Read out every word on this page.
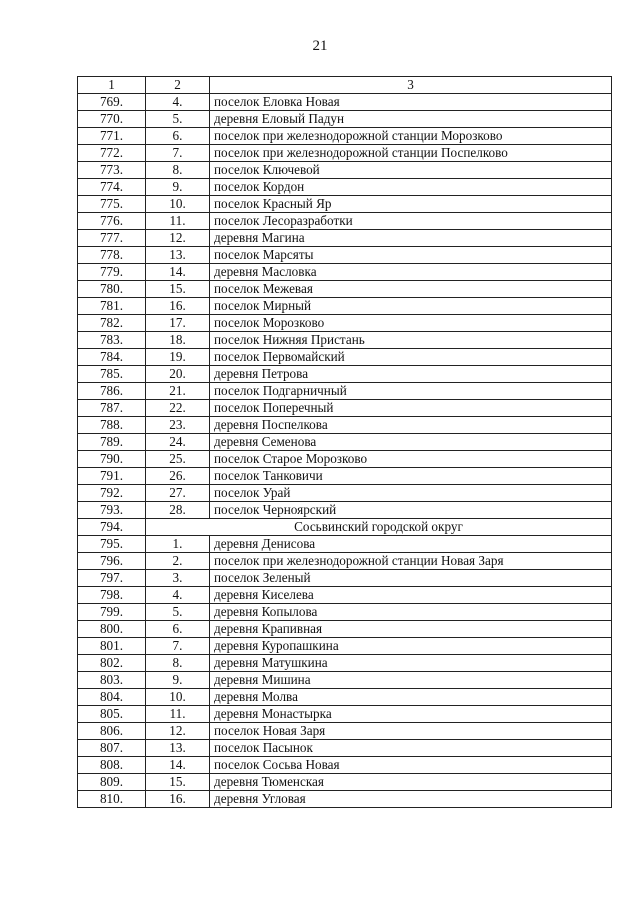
21
1	2	3
769.	4.	поселок Еловка Новая
770.	5.	деревня Еловый Падун
771.	6.	поселок при железнодорожной станции Морозково
772.	7.	поселок при железнодорожной станции Поспелково
773.	8.	поселок Ключевой
774.	9.	поселок Кордон
775.	10.	поселок Красный Яр
776.	11.	поселок Лесоразработки
777.	12.	деревня Магина
778.	13.	поселок Марсяты
779.	14.	деревня Масловка
780.	15.	поселок Межевая
781.	16.	поселок Мирный
782.	17.	поселок Морозково
783.	18.	поселок Нижняя Пристань
784.	19.	поселок Первомайский
785.	20.	деревня Петрова
786.	21.	поселок Подгарничный
787.	22.	поселок Поперечный
788.	23.	деревня Поспелкова
789.	24.	деревня Семенова
790.	25.	поселок Старое Морозково
791.	26.	поселок Танковичи
792.	27.	поселок Урай
793.	28.	поселок Черноярский
794.	Сосьвинский городской округ	
795.	1.	деревня Денисова
796.	2.	поселок при железнодорожной станции Новая Заря
797.	3.	поселок Зеленый
798.	4.	деревня Киселева
799.	5.	деревня Копылова
800.	6.	деревня Крапивная
801.	7.	деревня Куропашкина
802.	8.	деревня Матушкина
803.	9.	деревня Мишина
804.	10.	деревня Молва
805.	11.	деревня Монастырка
806.	12.	поселок Новая Заря
807.	13.	поселок Пасынок
808.	14.	поселок Сосьва Новая
809.	15.	деревня Тюменская
810.	16.	деревня Угловая
